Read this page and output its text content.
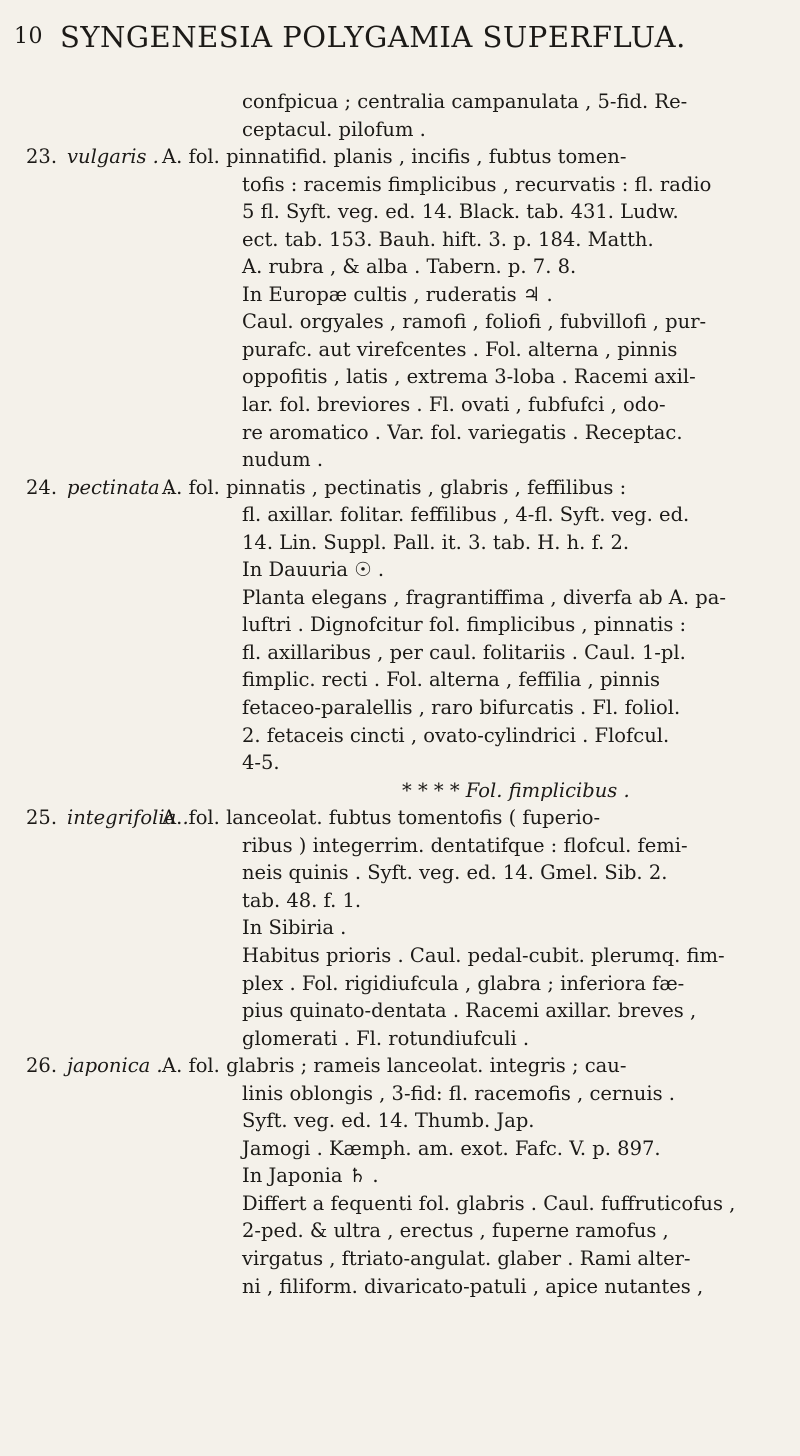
10 SYNGENESIA POLYGAMIA SUPERFLUA.
confpicua ; centralia campanulata , 5-fid. Re-
ceptacul. pilofum .
23. vulgaris . A. fol. pinnatifid. planis , incifis , fubtus tomen-
tofis : racemis fimplicibus , recurvatis : fl. radio
5 fl. Syft. veg. ed. 14. Black. tab. 431. Ludw.
ect. tab. 153. Bauh. hift. 3. p. 184. Matth.
A. rubra , & alba . Tabern. p. 7. 8.
In Europæ cultis , ruderatis ♃ .
Caul. orgyales , ramofi , foliofi , fubvillofi , pur-
purafc. aut virefcentes . Fol. alterna , pinnis
oppofitis , latis , extrema 3-loba . Racemi axil-
lar. fol. breviores . Fl. ovati , fubfufci , odo-
re aromatico . Var. fol. variegatis . Receptac.
nudum .
24. pectinata .
A. fol. pinnatis , pectinatis , glabris , feffilibus :
fl. axillar. folitar. feffilibus , 4-fl. Syft. veg. ed.
14. Lin. Suppl. Pall. it. 3. tab. H. h. f. 2.
In Dauuria ☉ .
Planta elegans , fragrantiffima , diverfa ab A. pa-
luftri . Dignofcitur fol. fimplicibus , pinnatis :
fl. axillaribus , per caul. folitariis . Caul. 1-pl.
fimplic. recti . Fol. alterna , feffilia , pinnis
fetaceo-paralellis , raro bifurcatis . Fl. foliol.
2. fetaceis cincti , ovato-cylindrici . Flofcul.
4-5.
* * * * Fol. fimplicibus .
25. integrifolia .
A. fol. lanceolat. fubtus tomentofis ( fuperio-
ribus ) integerrim. dentatifque : flofcul. femi-
neis quinis . Syft. veg. ed. 14. Gmel. Sib. 2.
tab. 48. f. 1.
In Sibiria .
Habitus prioris . Caul. pedal-cubit. plerumq. fim-
plex . Fol. rigidiufcula , glabra ; inferiora fæ-
pius quinato-dentata . Racemi axillar. breves ,
glomerati . Fl. rotundiufculi .
26. japonica . A. fol. glabris ; rameis lanceolat. integris ; cau-
linis oblongis , 3-fid: fl. racemofis , cernuis .
Syft. veg. ed. 14. Thumb. Jap.
Jamogi . Kæmph. am. exot. Fafc. V. p. 897.
In Japonia ♄ .
Differt a fequenti fol. glabris . Caul. fuffruticofus ,
2-ped. & ultra , erectus , fuperne ramofus ,
virgatus , ftriato-angulat. glaber . Rami alter-
ni , filiform. divaricato-patuli , apice nutantes ,
